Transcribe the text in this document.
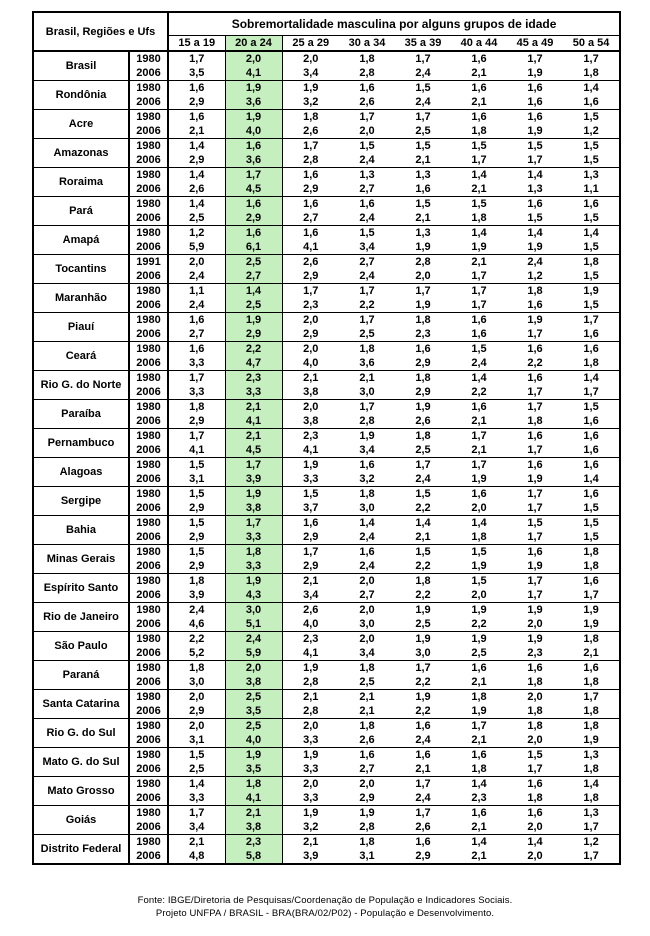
Brasil, Regiões e Ufs		Sobremortalidade masculina por alguns grupos de idade							
		15 a 19	20 a 24	25 a 29	30 a 34	35 a 39	40 a 44	45 a 49	50 a 54
Brasil	1980	1,7	2,0	2,0	1,8	1,7	1,6	1,7	1,7
	2006	3,5	4,1	3,4	2,8	2,4	2,1	1,9	1,8
Rondônia	1980	1,6	1,9	1,9	1,6	1,5	1,6	1,6	1,4
	2006	2,9	3,6	3,2	2,6	2,4	2,1	1,6	1,6
Acre	1980	1,6	1,9	1,8	1,7	1,7	1,6	1,6	1,5
	2006	2,1	4,0	2,6	2,0	2,5	1,8	1,9	1,2
Amazonas	1980	1,4	1,6	1,7	1,5	1,5	1,5	1,5	1,5
	2006	2,9	3,6	2,8	2,4	2,1	1,7	1,7	1,5
Roraima	1980	1,4	1,7	1,6	1,3	1,3	1,4	1,4	1,3
	2006	2,6	4,5	2,9	2,7	1,6	2,1	1,3	1,1
Pará	1980	1,4	1,6	1,6	1,6	1,5	1,5	1,6	1,6
	2006	2,5	2,9	2,7	2,4	2,1	1,8	1,5	1,5
Amapá	1980	1,2	1,6	1,6	1,5	1,3	1,4	1,4	1,4
	2006	5,9	6,1	4,1	3,4	1,9	1,9	1,9	1,5
Tocantins	1991	2,0	2,5	2,6	2,7	2,8	2,1	2,4	1,8
	2006	2,4	2,7	2,9	2,4	2,0	1,7	1,2	1,5
Maranhão	1980	1,1	1,4	1,7	1,7	1,7	1,7	1,8	1,9
	2006	2,4	2,5	2,3	2,2	1,9	1,7	1,6	1,5
Piauí	1980	1,6	1,9	2,0	1,7	1,8	1,6	1,9	1,7
	2006	2,7	2,9	2,9	2,5	2,3	1,6	1,7	1,6
Ceará	1980	1,6	2,2	2,0	1,8	1,6	1,5	1,6	1,6
	2006	3,3	4,7	4,0	3,6	2,9	2,4	2,2	1,8
Rio G. do Norte	1980	1,7	2,3	2,1	2,1	1,8	1,4	1,6	1,4
	2006	3,3	3,3	3,8	3,0	2,9	2,2	1,7	1,7
Paraíba	1980	1,8	2,1	2,0	1,7	1,9	1,6	1,7	1,5
	2006	2,9	4,1	3,8	2,8	2,6	2,1	1,8	1,6
Pernambuco	1980	1,7	2,1	2,3	1,9	1,8	1,7	1,6	1,6
	2006	4,1	4,5	4,1	3,4	2,5	2,1	1,7	1,6
Alagoas	1980	1,5	1,7	1,9	1,6	1,7	1,7	1,6	1,6
	2006	3,1	3,9	3,3	3,2	2,4	1,9	1,9	1,4
Sergipe	1980	1,5	1,9	1,5	1,8	1,5	1,6	1,7	1,6
	2006	2,9	3,8	3,7	3,0	2,2	2,0	1,7	1,5
Bahia	1980	1,5	1,7	1,6	1,4	1,4	1,4	1,5	1,5
	2006	2,9	3,3	2,9	2,4	2,1	1,8	1,7	1,5
Minas Gerais	1980	1,5	1,8	1,7	1,6	1,5	1,5	1,6	1,8
	2006	2,9	3,3	2,9	2,4	2,2	1,9	1,9	1,8
Espírito Santo	1980	1,8	1,9	2,1	2,0	1,8	1,5	1,7	1,6
	2006	3,9	4,3	3,4	2,7	2,2	2,0	1,7	1,7
Rio de Janeiro	1980	2,4	3,0	2,6	2,0	1,9	1,9	1,9	1,9
	2006	4,6	5,1	4,0	3,0	2,5	2,2	2,0	1,9
São Paulo	1980	2,2	2,4	2,3	2,0	1,9	1,9	1,9	1,8
	2006	5,2	5,9	4,1	3,4	3,0	2,5	2,3	2,1
Paraná	1980	1,8	2,0	1,9	1,8	1,7	1,6	1,6	1,6
	2006	3,0	3,8	2,8	2,5	2,2	2,1	1,8	1,8
Santa Catarina	1980	2,0	2,5	2,1	2,1	1,9	1,8	2,0	1,7
	2006	2,9	3,5	2,8	2,1	2,2	1,9	1,8	1,8
Rio G. do Sul	1980	2,0	2,5	2,0	1,8	1,6	1,7	1,8	1,8
	2006	3,1	4,0	3,3	2,6	2,4	2,1	2,0	1,9
Mato G. do Sul	1980	1,5	1,9	1,9	1,6	1,6	1,6	1,5	1,3
	2006	2,5	3,5	3,3	2,7	2,1	1,8	1,7	1,8
Mato Grosso	1980	1,4	1,8	2,0	2,0	1,7	1,4	1,6	1,4
	2006	3,3	4,1	3,3	2,9	2,4	2,3	1,8	1,8
Goiás	1980	1,7	2,1	1,9	1,9	1,7	1,6	1,6	1,3
	2006	3,4	3,8	3,2	2,8	2,6	2,1	2,0	1,7
Distrito Federal	1980	2,1	2,3	2,1	1,8	1,6	1,4	1,4	1,2
	2006	4,8	5,8	3,9	3,1	2,9	2,1	2,0	1,7
Fonte: IBGE/Diretoria de Pesquisas/Coordenação de População e Indicadores Sociais.
Projeto UNFPA / BRASIL - BRA(BRA/02/P02) - População e Desenvolvimento.
